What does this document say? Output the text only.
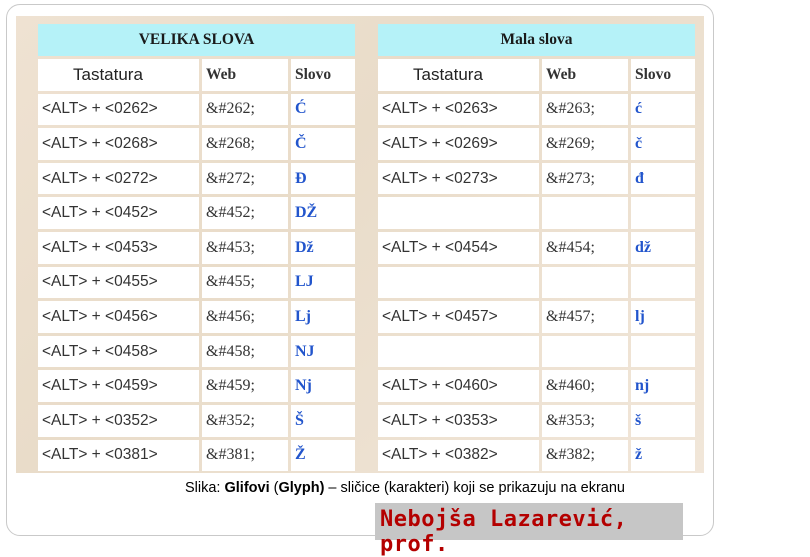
VELIKA SLOVA		
Tastatura	Web	Slovo
<ALT> + <0262>	&#262;	Ć
<ALT> + <0268>	&#268;	Č
<ALT> + <0272>	&#272;	Đ
<ALT> + <0452>	&#452;	DŽ
<ALT> + <0453>	&#453;	Dž
<ALT> + <0455>	&#455;	LJ
<ALT> + <0456>	&#456;	Lj
<ALT> + <0458>	&#458;	NJ
<ALT> + <0459>	&#459;	Nj
<ALT> + <0352>	&#352;	Š
<ALT> + <0381>	&#381;	Ž
Mala slova		
Tastatura	Web	Slovo
<ALT> + <0263>	&#263;	ć
<ALT> + <0269>	&#269;	č
<ALT> + <0273>	&#273;	đ

<ALT> + <0454>	&#454;	dž

<ALT> + <0457>	&#457;	lj

<ALT> + <0460>	&#460;	nj
<ALT> + <0353>	&#353;	š
<ALT> + <0382>	&#382;	ž
Slika: Glifovi (Glyph) – sličice (karakteri) koji se prikazuju na ekranu
Nebojša Lazarević, prof.
